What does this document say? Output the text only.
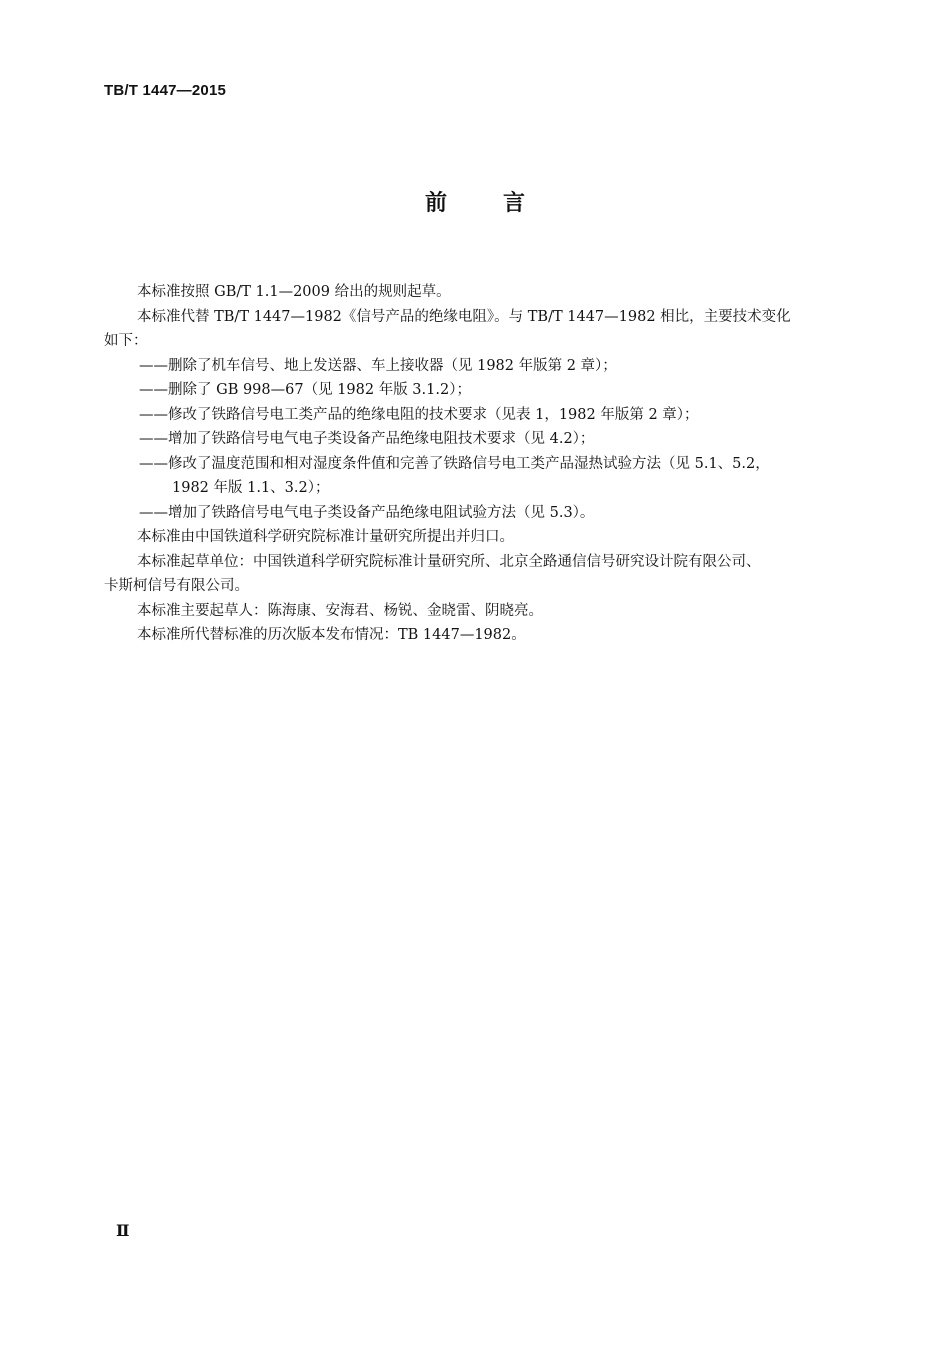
TB/T 1447—2015
前	言

本标准按照 GB/T 1.1—2009 给出的规则起草。

本标准代替 TB/T 1447—1982《信号产品的绝缘电阻》。与 TB/T 1447—1982 相比，主要技术变化

如下：

——删除了机车信号、地上发送器、车上接收器（见 1982 年版第 2 章）；

——删除了 GB 998—67（见 1982 年版 3.1.2）；

——修改了铁路信号电工类产品的绝缘电阻的技术要求（见表 1，1982 年版第 2 章）；

——增加了铁路信号电气电子类设备产品绝缘电阻技术要求（见 4.2）；

——修改了温度范围和相对湿度条件值和完善了铁路信号电工类产品湿热试验方法（见 5.1、5.2，

1982 年版 1.1、3.2）；

——增加了铁路信号电气电子类设备产品绝缘电阻试验方法（见 5.3）。

本标准由中国铁道科学研究院标准计量研究所提出并归口。

本标准起草单位：中国铁道科学研究院标准计量研究所、北京全路通信信号研究设计院有限公司、

卡斯柯信号有限公司。

本标准主要起草人：陈海康、安海君、杨锐、金晓雷、阴晓亮。

本标准所代替标准的历次版本发布情况：TB 1447—1982。

Ⅱ
